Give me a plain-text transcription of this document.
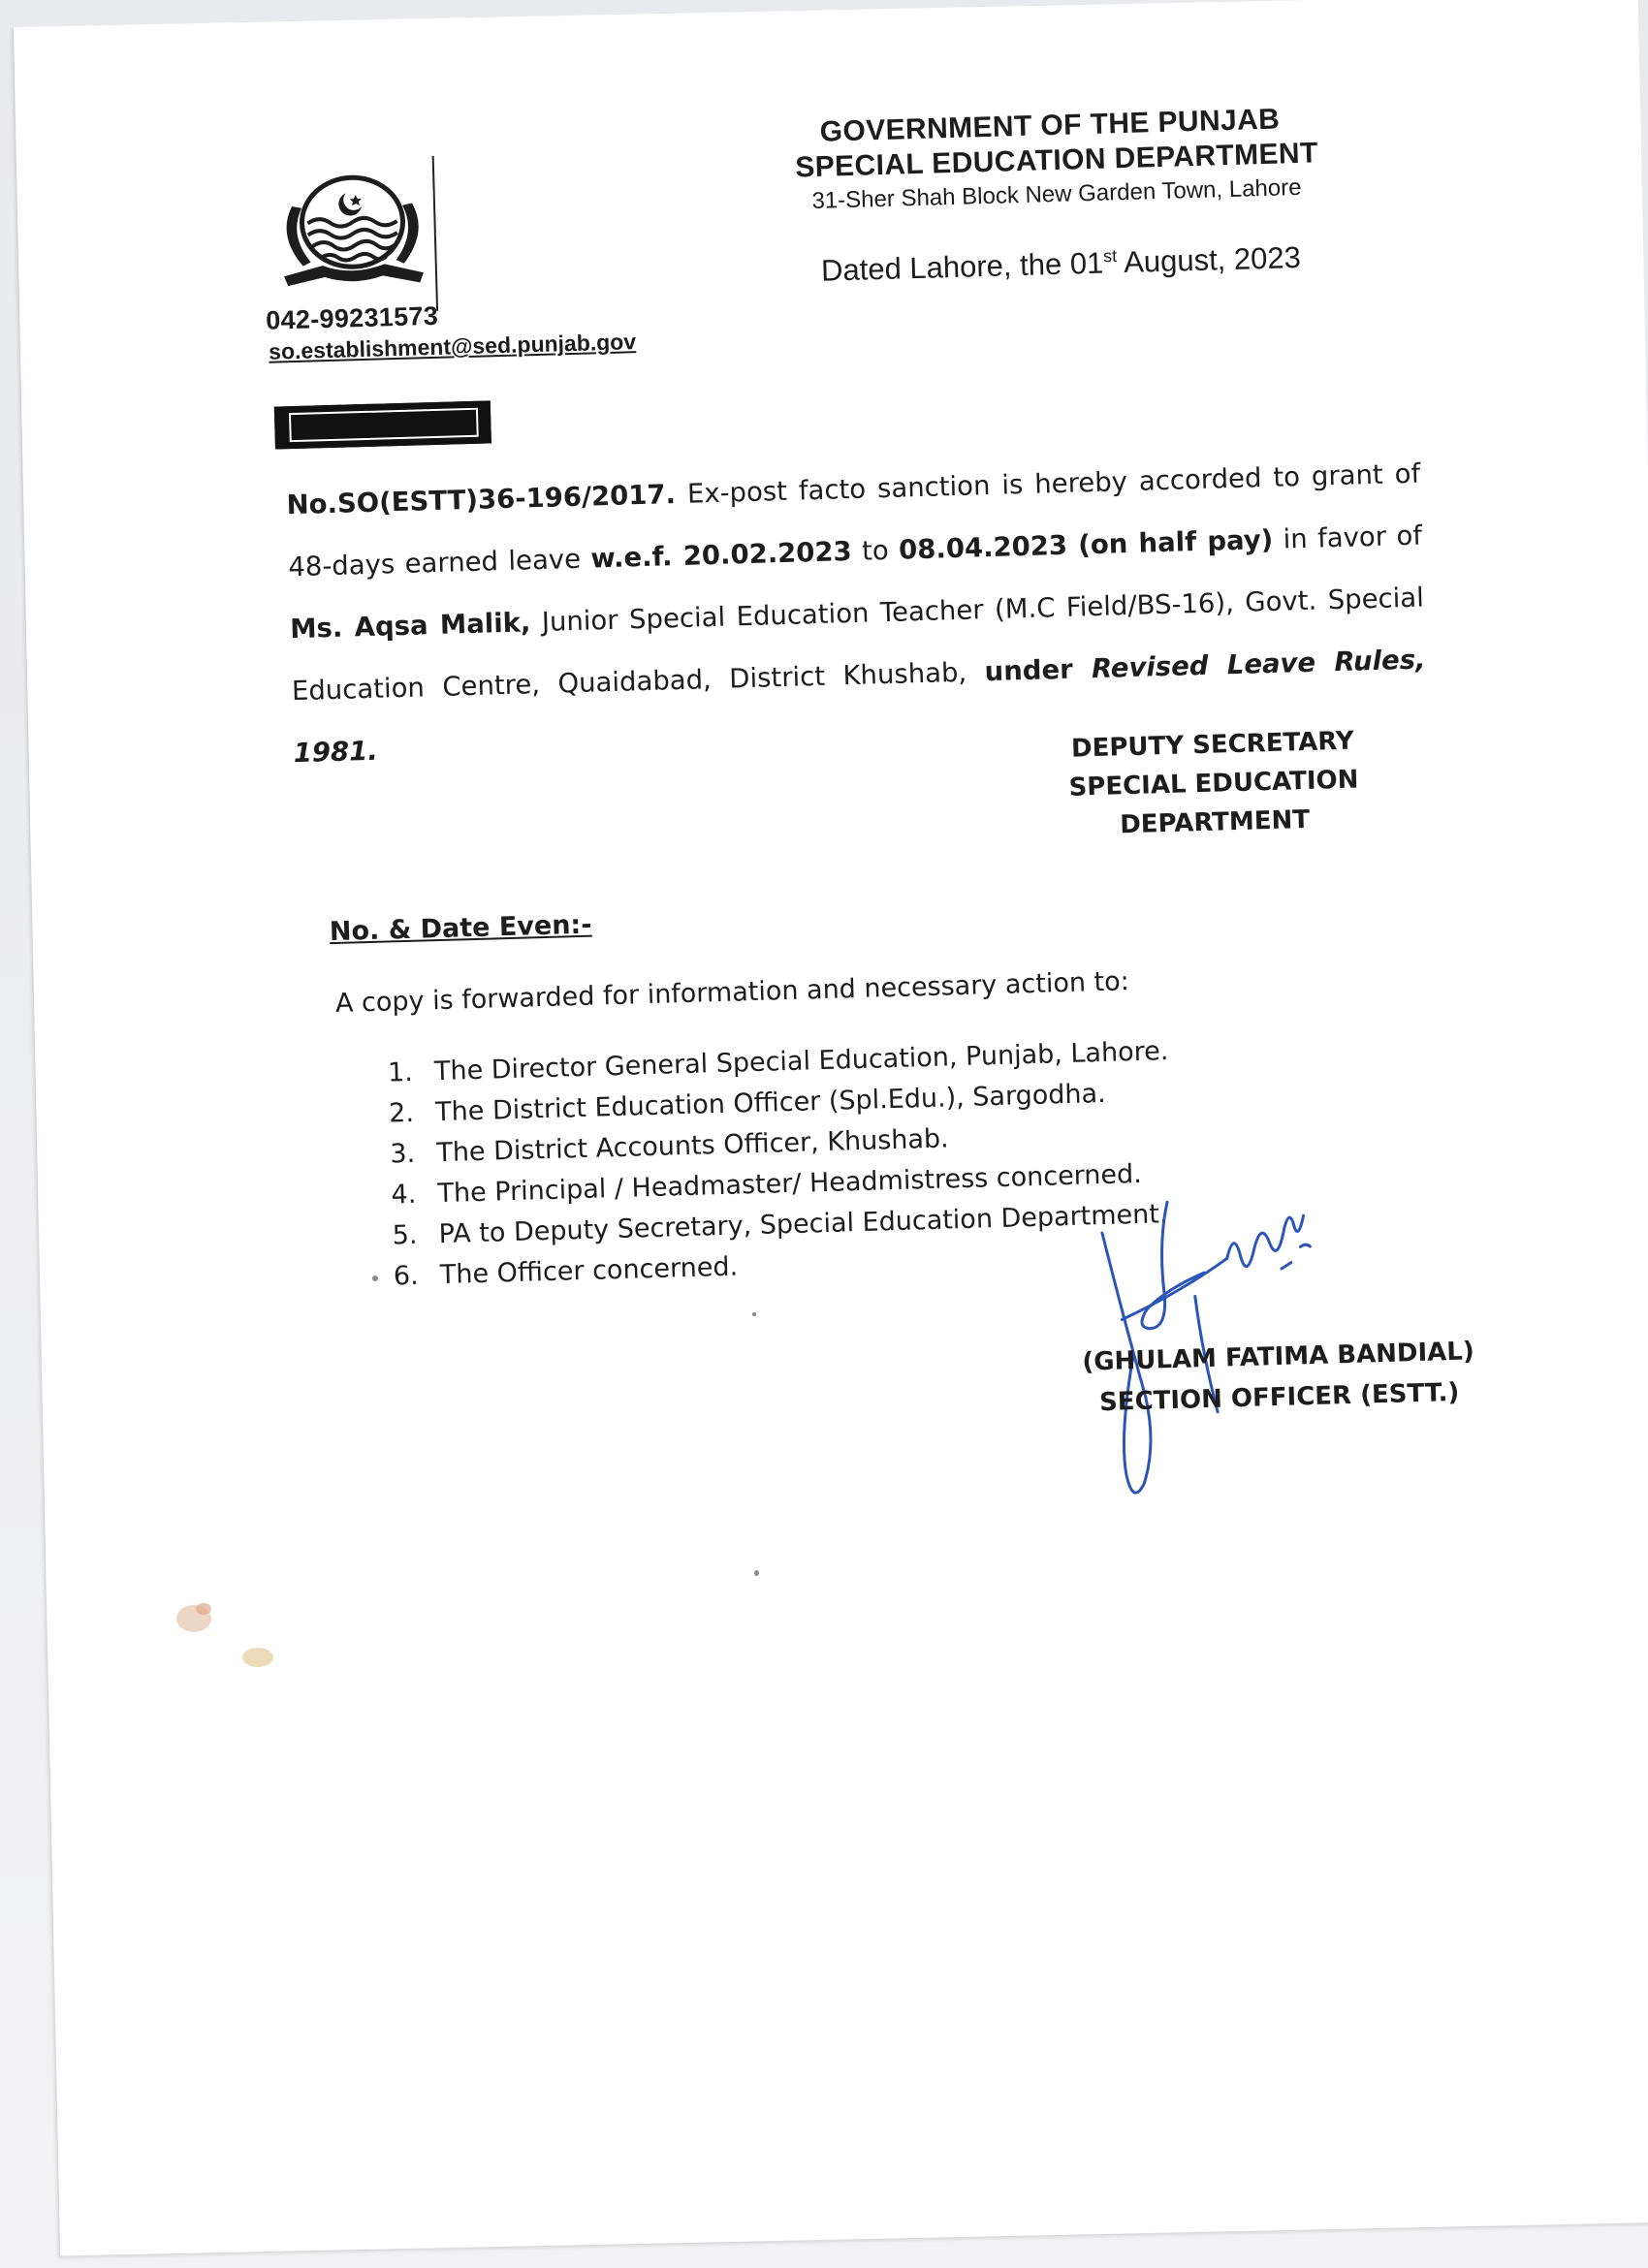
042-99231573
so.establishment@sed.punjab.gov
GOVERNMENT OF THE PUNJAB
SPECIAL EDUCATION DEPARTMENT
31-Sher Shah Block New Garden Town, Lahore
Dated Lahore, the 01st August, 2023
ORDERS
No.SO(ESTT)36-196/2017. Ex-post facto sanction is hereby accorded to grant of 48-days earned leave w.e.f. 20.02.2023 to 08.04.2023 (on half pay) in favor of Ms. Aqsa Malik, Junior Special Education Teacher (M.C Field/BS-16), Govt. Special Education Centre, Quaidabad, District Khushab, under Revised Leave Rules, 1981.	DEPUTY SECRETARY
SPECIAL EDUCATION
DEPARTMENT
No. & Date Even:-
A copy is forwarded for information and necessary action to:
1. The Director General Special Education, Punjab, Lahore.
2. The District Education Officer (Spl.Edu.), Sargodha.
3. The District Accounts Officer, Khushab.
4. The Principal / Headmaster/ Headmistress concerned.
5. PA to Deputy Secretary, Special Education Department.
6. The Officer concerned.
(GHULAM FATIMA BANDIAL)
SECTION OFFICER (ESTT.)
